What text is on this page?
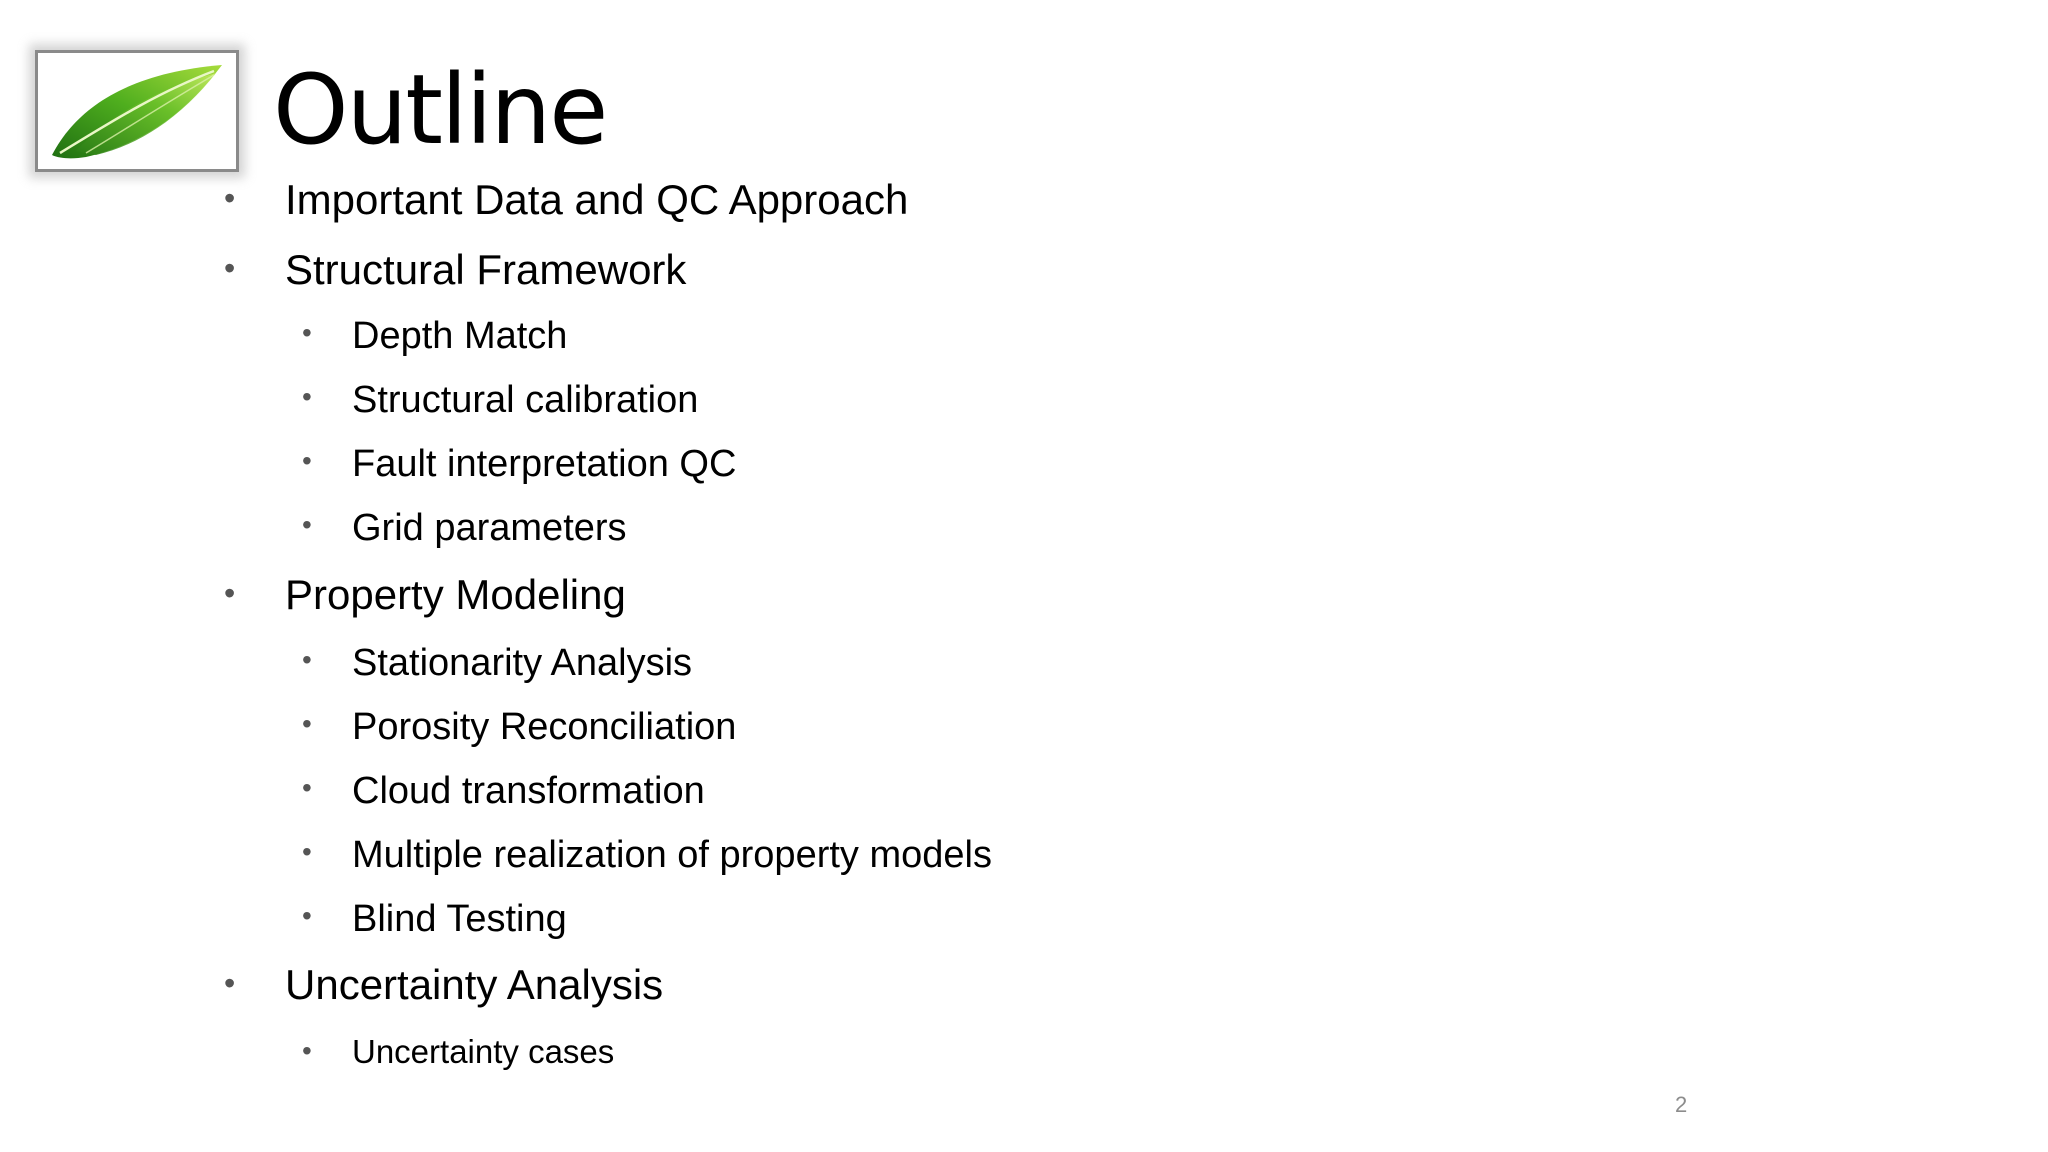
Outline
• Important Data and QC Approach
• Structural Framework
• Depth Match
• Structural calibration
• Fault interpretation QC
• Grid parameters
• Property Modeling
• Stationarity Analysis
• Porosity Reconciliation
• Cloud transformation
• Multiple realization of property models
• Blind Testing
• Uncertainty Analysis
• Uncertainty cases
2
